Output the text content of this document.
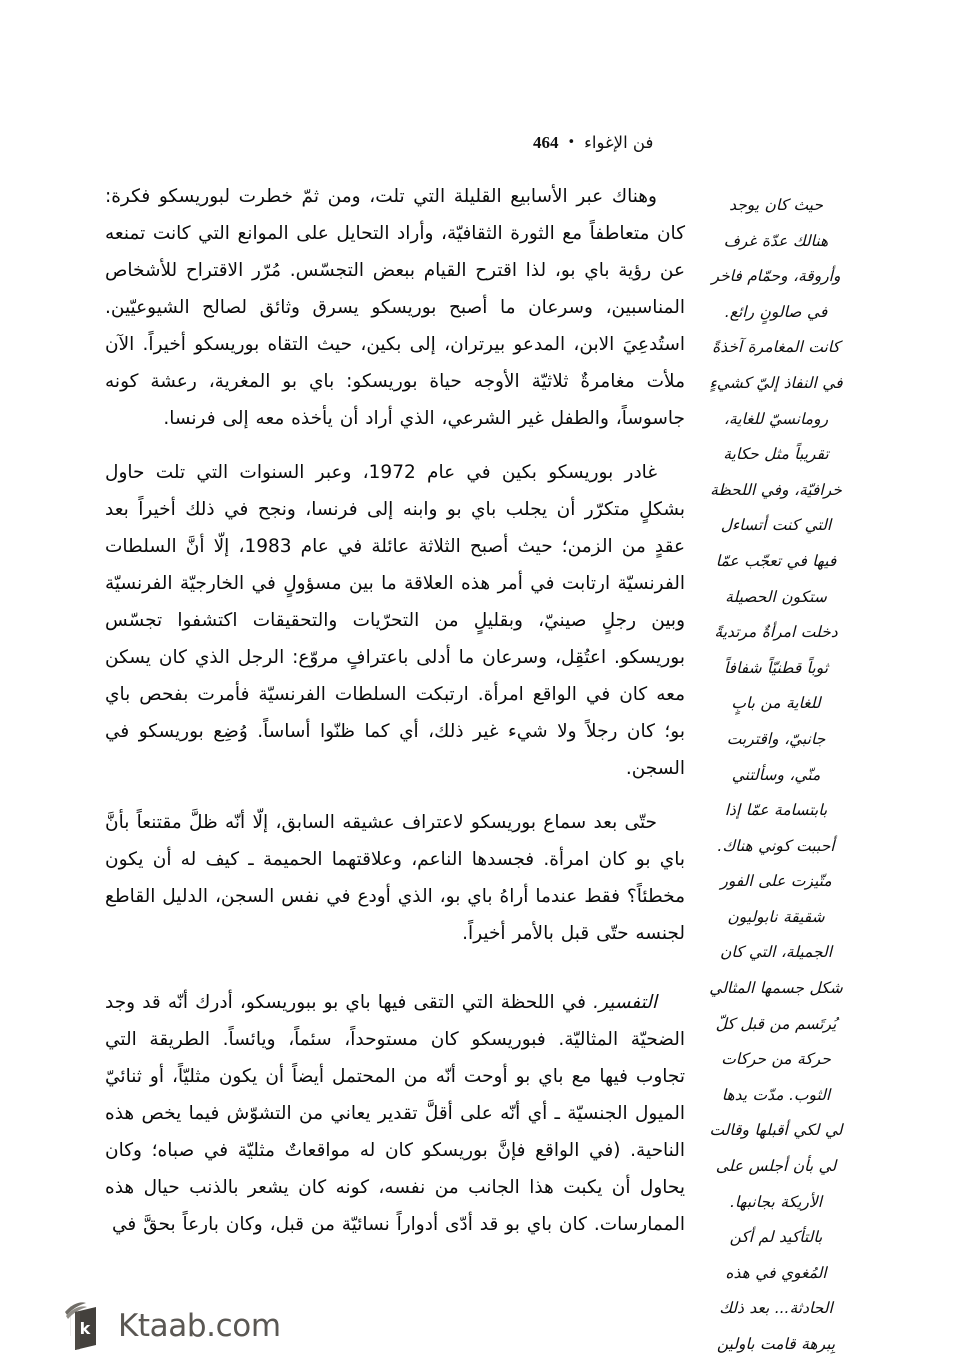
فن الإغواء•464

وهناك عبر الأسابيع القليلة التي تلت، ومن ثمّ خطرت لبوريسكو فكرة: كان متعاطفاً مع الثورة الثقافيّة، وأراد التحايل على الموانع التي كانت تمنعه عن رؤية باي بو، لذا اقترح القيام ببعض التجسّس. مُرّر الاقتراح للأشخاص المناسبين، وسرعان ما أصبح بوريسكو يسرق وثائق لصالح الشيوعيّين. استُدعِيَ الابن، المدعو بيرتران، إلى بكين، حيث التقاه بوريسكو أخيراً. الآن ملأت مغامرةٌ ثلاثيّة الأوجه حياة بوريسكو: باي بو المغرية، رعشة كونه جاسوساً، والطفل غير الشرعي، الذي أراد أن يأخذه معه إلى فرنسا.

غادر بوريسكو بكين في عام 1972، وعبر السنوات التي تلت حاول بشكلٍ متكرّر أن يجلب باي بو وابنه إلى فرنسا، ونجح في ذلك أخيراً بعد عقدٍ من الزمن؛ حيث أصبح الثلاثة عائلة في عام 1983، إلّا أنَّ السلطات الفرنسيّة ارتابت في أمر هذه العلاقة ما بين مسؤولٍ في الخارجيّة الفرنسيّة وبين رجلٍ صينيّ، وبقليلٍ من التحرّيات والتحقيقات اكتشفوا تجسّس بوريسكو. اعتُقِل، وسرعان ما أدلى باعترافٍ مروّع: الرجل الذي كان يسكن معه كان في الواقع امرأة. ارتبكت السلطات الفرنسيّة فأمرت بفحص باي بو؛ كان رجلاً ولا شيء غير ذلك، أي كما ظنّوا أساساً. وُضِع بوريسكو في السجن.

حتّى بعد سماع بوريسكو لاعتراف عشيقه السابق، إلّا أنّه ظلَّ مقتنعاً بأنَّ باي بو كان امرأة. فجسدها الناعم، وعلاقتهما الحميمة ـ كيف له أن يكون مخطئاً؟ فقط عندما أراهُ باي بو، الذي أودع في نفس السجن، الدليل القاطع لجنسه حتّى قبل بالأمر أخيراً.

التفسير. في اللحظة التي التقى فيها باي بو ببوريسكو، أدرك أنّه قد وجد الضحيّة المثاليّة. فبوريسكو كان مستوحداً، سئماً، ويائساً. الطريقة التي تجاوب فيها مع باي بو أوحت أنّه من المحتمل أيضاً أن يكون مثليّاً، أو ثنائيّ الميول الجنسيّة ـ أي أنّه على أقلَّ تقدير يعاني من التشوّش فيما يخص هذه الناحية. (في الواقع فإنَّ بوريسكو كان له مواقعاتٌ مثليّة في صباه؛ وكان يحاول أن يكبت هذا الجانب من نفسه، كونه كان يشعر بالذنب حيال هذه الممارسات. كان باي بو قد أدّى أدواراً نسائيّة من قبل، وكان بارعاً بحقَّ في

حيث كان يوجد
هنالك عدّة غرف
وأروقة، وحمّام فاخر
في صالونٍ رائع.
كانت المغامرة آخذةً
في النفاذ إليّ كشيءٍ
رومانسيّ للغاية،
تقريباً مثل حكاية
خرافيّة، وفي اللحظة
التي كنت أتساءل
فيها في تعجّب عمّا
ستكون الحصيلة
دخلت امرأةٌ مرتديةً
ثوباً قطنيّاً شفافاً
للغاية من بابٍ
جانبيّ، واقتربت
منّي، وسألتني
بابتسامة عمّا إذا
أحببت كوني هناك.
متّيزت على الفور
شقيقة نابوليون
الجميلة، التي كان
شكل جسمها المثالي
يُرتَسم من قبل كلّ
حركة من حركات
الثوب. مدّت يدها
لي لكي أقبلها وقالت
لي بأن أجلس على
الأريكة بجانبها.
بالتأكيد لم أكن
المُغوي في هذه
الحادثة... بعد ذلك
بِبرهة قامت باولين
k Ktaab.com
